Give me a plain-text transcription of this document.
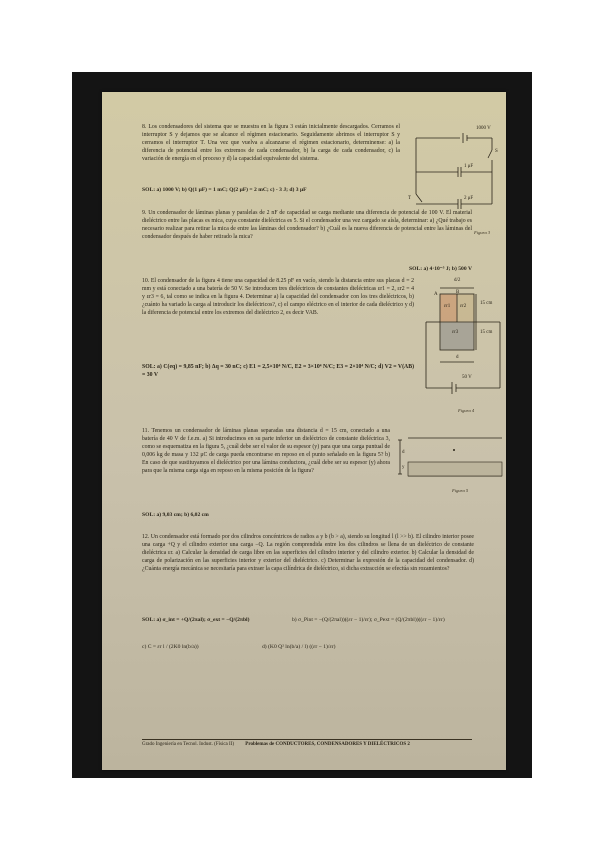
8. Los condensadores del sistema que se muestra en la figura 3 están inicialmente descargados. Cerramos el interruptor S y dejamos que se alcance el régimen estacionario. Seguidamente abrimos el interruptor S y cerramos el interruptor T. Una vez que vuelva a alcanzarse el régimen estacionario, determinense: a) la diferencia de potencial entre los extremos de cada condensador, b) la carga de cada condensador, c) la variación de energía en el proceso y d) la capacidad equivalente del sistema.
SOL: a) 1000 V; b) Q(1 μF) = 1 mC; Q(2 μF) = 2 mC; c) - 3 J; d) 3 μF
1000 V
S
1 μF
T	2 μF
Figura 3
9. Un condensador de láminas planas y paralelas de 2 nF de capacidad se carga mediante una diferencia de potencial de 100 V. El material dieléctrico entre las placas es mica, cuya constante dieléctrica es 5. Si el condensador una vez cargado se aísla, determinar: a) ¿Qué trabajo es necesario realizar para retirar la mica de entre las láminas del condensador? b) ¿Cuál es la nueva diferencia de potencial entre las láminas del condensador después de haber retirado la mica?
SOL: a) 4·10⁻⁵ J; b) 500 V
10. El condensador de la figura 4 tiene una capacidad de 8.25 pF en vacío, siendo la distancia entre sus placas d = 2 mm y está conectado a una batería de 50 V. Se introducen tres dieléctricos de constantes dieléctricas εr1 = 2, εr2 = 4 y εr3 = 6, tal como se indica en la figura 4. Determinar a) la capacidad del condensador con los tres dieléctricos, b) ¿cuánto ha variado la carga al introducir los dieléctricos?, c) el campo eléctrico en el interior de cada dieléctrico y d) la diferencia de potencial entre los extremos del dieléctrico 2, es decir VAB.
SOL: a) C(eq) = 9,85 nF; b) Δq = 30 nC; c) E1 = 2,5×10⁴ N/C, E2 = 3×10⁴ N/C; E3 = 2×10⁴ N/C; d) V2 = V(AB) = 30 V
d/2
A	B
εr1 εr2
εr3
15 cm
15 cm
d
50 V
Figura 4
11. Tenemos un condensador de láminas planas separadas una distancia d = 15 cm, conectado a una batería de 40 V de f.e.m. a) Si introducimos en su parte inferior un dieléctrico de constante dieléctrica 3, como se esquematiza en la figura 5, ¿cuál debe ser el valor de su espesor (y) para que una carga puntual de 0,006 kg de masa y 132 μC de carga pueda encontrarse en reposo en el punto señalado en la figura 5? b) En caso de que sustituyamos el dieléctrico por una lámina conductora, ¿cuál debe ser su espesor (y) ahora para que la misma carga siga en reposo en la misma posición de la figura?
SOL: a) 9,03 cm; b) 6,02 cm
d
y
Figura 5
12. Un condensador está formado por dos cilindros concéntricos de radios a y b (b > a), siendo su longitud l (l >> b). El cilindro interior posee una carga +Q y el cilindro exterior una carga −Q. La región comprendida entre los dos cilindros se llena de un dieléctrico de constante dieléctrica εr. a) Calcular la densidad de carga libre en las superficies del cilindro interior y del cilindro exterior. b) Calcular la densidad de carga de polarización en las superficies interior y exterior del dieléctrico. c) Determinar la expresión de la capacidad del condensador. d) ¿Cuánta energía mecánica se necesitaría para extraer la capa cilíndrica de dieléctrico, si dicha extracción se efectúa sin rozamientos?
SOL: a) σ_int = +Q/(2πal); σ_ext = −Q/(2πbl)	b) σ_Pint = −(Q/(2πal))((εr − 1)/εr); σ_Pext = (Q/(2πbl))((εr − 1)/εr)
c) C = εr l / (2K0 ln(b/a))	d) (K0 Q² ln(b/a) / l) ((εr − 1)/εr)
Grado Ingeniería en Tecnol. Indust. (Física II) Problemas de CONDUCTORES, CONDENSADORES Y DIELÉCTRICOS 2
